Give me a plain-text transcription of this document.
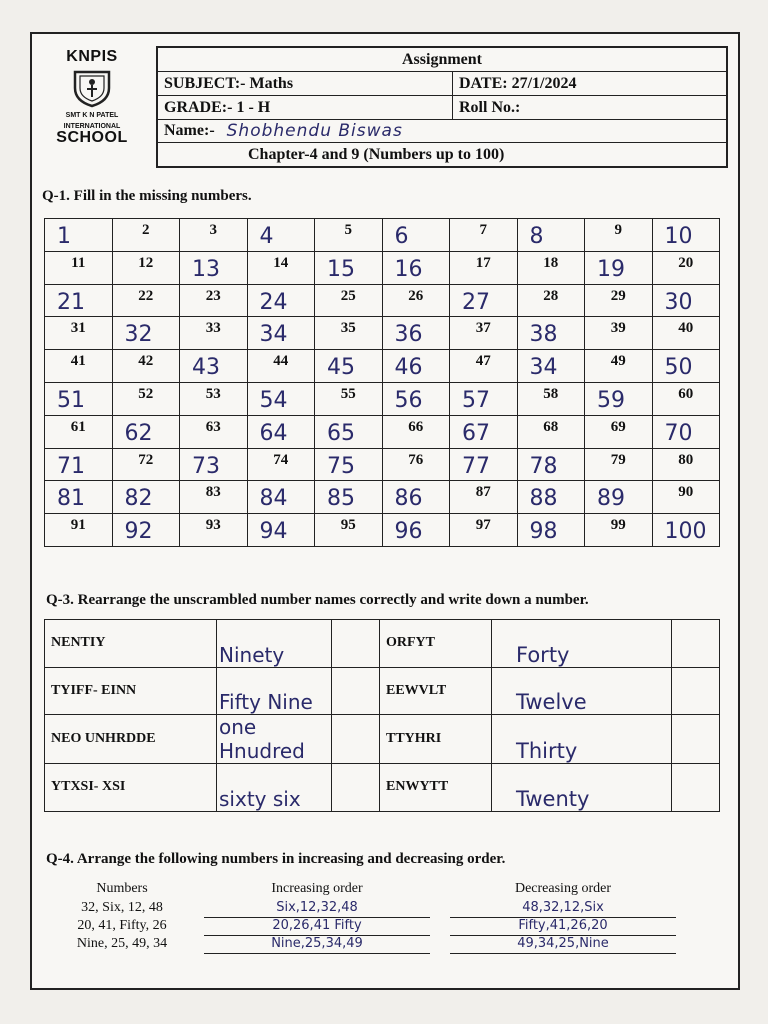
KNPIS
SMT K N PATEL
INTERNATIONAL
SCHOOL
Assignment
SUBJECT:- Maths	DATE: 27/1/2024
GRADE:- 1 - H	Roll No.:
Name:- Shobhendu Biswas
Chapter-4 and 9 (Numbers up to 100)
Q-1. Fill in the missing numbers.
1	2	3	4	5	6	7	8	9	10

11	12	13	14	15	16	17	18	19	20

21	22	23	24	25	26	27	28	29	30

31	32	33	34	35	36	37	38	39	40

41	42	43	44	45	46	47	34	49	50

51	52	53	54	55	56	57	58	59	60

61	62	63	64	65	66	67	68	69	70

71	72	73	74	75	76	77	78	79	80

81	82	83	84	85	86	87	88	89	90

91	92	93	94	95	96	97	98	99	100
Q-3. Rearrange the unscrambled number names correctly and write down a number.
NENTIY	Ninety		ORFYT	Forty	
TYIFF- EINN	Fifty Nine		EEWVLT	Twelve	
NEO UNHRDDE	one Hnudred		TTYHRI	Thirty	
YTXSI- XSI	sixty six		ENWYTT	Twenty	
Q-4. Arrange the following numbers in increasing and decreasing order.
Numbers	Increasing order	Decreasing order
32, Six, 12, 48	Six,12,32,48	48,32,12,Six
20, 41, Fifty, 26	20,26,41 Fifty	Fifty,41,26,20
Nine, 25, 49, 34	Nine,25,34,49	49,34,25,Nine
